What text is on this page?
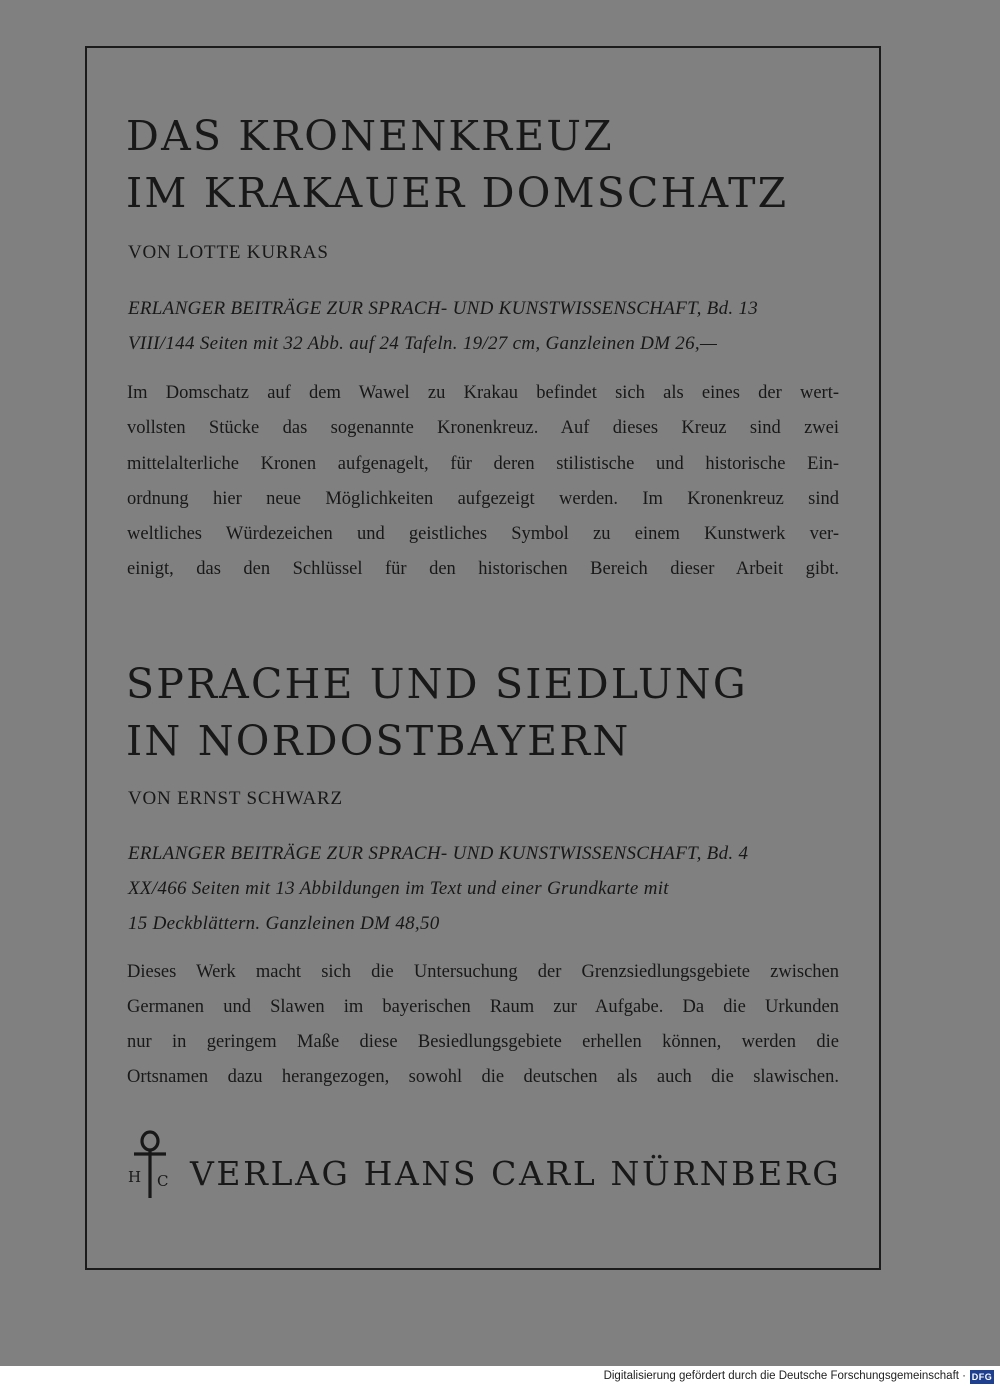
DAS KRONENKREUZ
IM KRAKAUER DOMSCHATZ
VON LOTTE KURRAS

ERLANGER BEITRÄGE ZUR SPRACH- UND KUNSTWISSENSCHAFT, Bd. 13

VIII/144 Seiten mit 32 Abb. auf 24 Tafeln. 19/27 cm, Ganzleinen DM 26,—

Im Domschatz auf dem Wawel zu Krakau befindet sich als eines der wert-
vollsten Stücke das sogenannte Kronenkreuz. Auf dieses Kreuz sind zwei
mittelalterliche Kronen aufgenagelt, für deren stilistische und historische Ein-
ordnung hier neue Möglichkeiten aufgezeigt werden. Im Kronenkreuz sind
weltliches Würdezeichen und geistliches Symbol zu einem Kunstwerk ver-
einigt, das den Schlüssel für den historischen Bereich dieser Arbeit gibt.
SPRACHE UND SIEDLUNG
IN NORDOSTBAYERN
VON ERNST SCHWARZ

ERLANGER BEITRÄGE ZUR SPRACH- UND KUNSTWISSENSCHAFT, Bd. 4

XX/466 Seiten mit 13 Abbildungen im Text und einer Grundkarte mit

15 Deckblättern. Ganzleinen DM 48,50

Dieses Werk macht sich die Untersuchung der Grenzsiedlungsgebiete zwischen
Germanen und Slawen im bayerischen Raum zur Aufgabe. Da die Urkunden
nur in geringem Maße diese Besiedlungsgebiete erhellen können, werden die
Ortsnamen dazu herangezogen, sowohl die deutschen als auch die slawischen.
H C VERLAG HANS CARL NÜRNBERG
Digitalisierung gefördert durch die Deutsche Forschungsgemeinschaft · DFG
